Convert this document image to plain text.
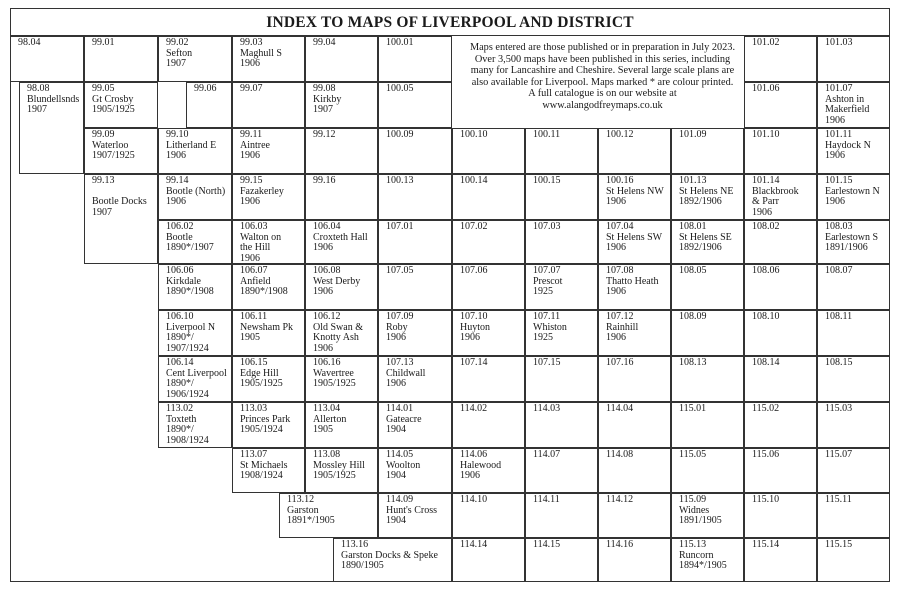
INDEX TO MAPS OF LIVERPOOL AND DISTRICT
98.04
98.08
Blundellsnds
1907
99.01
99.05
Gt Crosby
1905/1925
99.09
Waterloo
1907/1925
99.13

Bootle Docks
1907
99.02
Sefton
1907
99.06
99.10
Litherland E
1906
99.14
Bootle (North)
1906
106.02
Bootle
1890*/1907
106.06
Kirkdale
1890*/1908
106.10
Liverpool N
1890*/
1907/1924
106.14
Cent Liverpool
1890*/
1906/1924
113.02
Toxteth
1890*/
1908/1924
99.03
Maghull S
1906
99.07
99.11
Aintree
1906
99.15
Fazakerley
1906
106.03
Walton on
the Hill
1906
106.07
Anfield
1890*/1908
106.11
Newsham Pk
1905
106.15
Edge Hill
1905/1925
113.03
Princes Park
1905/1924
113.07
St Michaels
1908/1924
99.04
99.08
Kirkby
1907
99.12
99.16
106.04
Croxteth Hall
1906
106.08
West Derby
1906
106.12
Old Swan &
Knotty Ash
1906
106.16
Wavertree
1905/1925
113.04
Allerton
1905
113.08
Mossley Hill
1905/1925
113.12
Garston
1891*/1905
100.01
100.05
100.09
100.13
107.01
107.05
107.09
Roby
1906
107.13
Childwall
1906
114.01
Gateacre
1904
114.05
Woolton
1904
114.09
Hunt's Cross
1904
113.16
Garston Docks & Speke
1890/1905
100.10
100.14
107.02
107.06
107.10
Huyton
1906
107.14
114.02
114.06
Halewood
1906
114.10
114.14
100.11
100.15
107.03
107.07
Prescot
1925
107.11
Whiston
1925
107.15
114.03
114.07
114.11
114.15
100.12
100.16
St Helens NW
1906
107.04
St Helens SW
1906
107.08
Thatto Heath
1906
107.12
Rainhill
1906
107.16
114.04
114.08
114.12
114.16
101.09
101.13
St Helens NE
1892/1906
108.01
St Helens SE
1892/1906
108.05
108.09
108.13
115.01
115.05
115.09
Widnes
1891/1905
115.13
Runcorn
1894*/1905
101.02
101.06
101.10
101.14
Blackbrook
& Parr
1906
108.02
108.06
108.10
108.14
115.02
115.06
115.10
115.14
101.03
101.07
Ashton in
Makerfield
1906
101.11
Haydock N
1906
101.15
Earlestown N
1906
108.03
Earlestown S
1891/1906
108.07
108.11
108.15
115.03
115.07
115.11
115.15
Maps entered are those published or in preparation in July 2023.
Over 3,500 maps have been published in this series, including
many for Lancashire and Cheshire. Several large scale plans are
also available for Liverpool. Maps marked * are colour printed.
A full catalogue is on our website at
www.alangodfreymaps.co.uk
